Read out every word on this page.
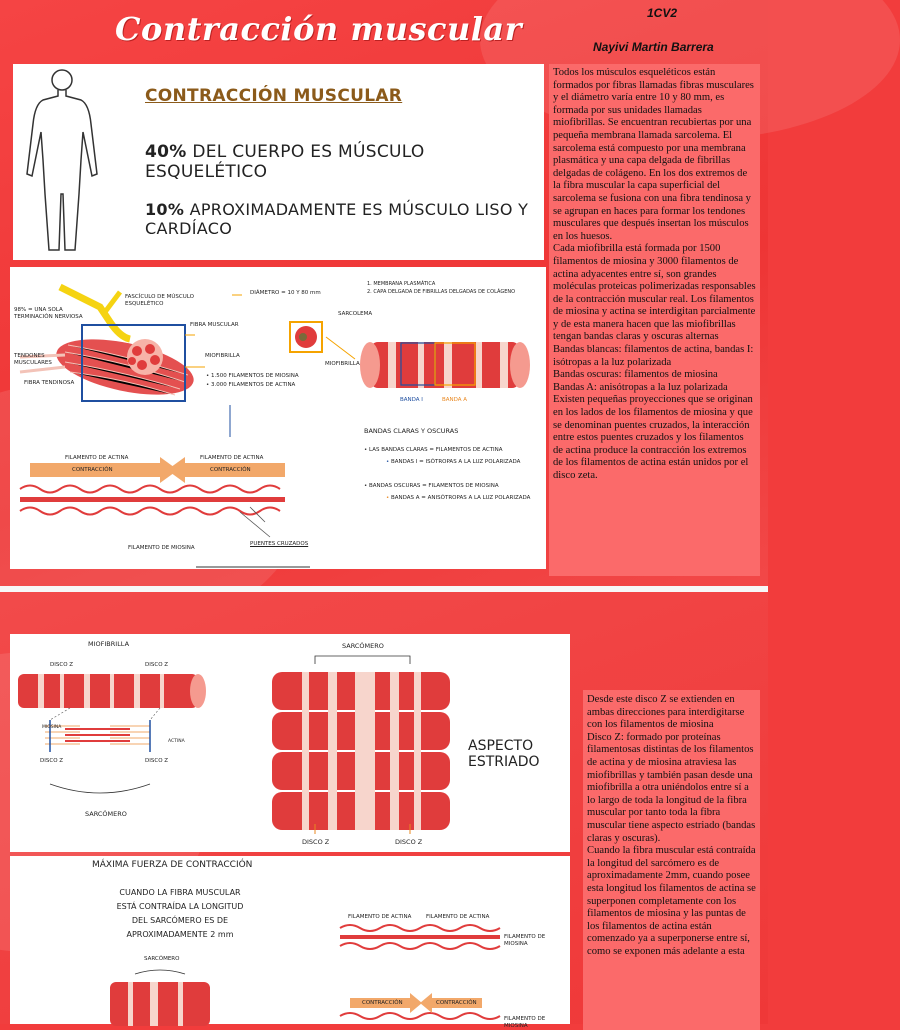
Contracción muscular	1CV2
Nayivi Martin Barrera
CONTRACCIÓN MUSCULAR
40% DEL CUERPO ES MÚSCULO ESQUELÉTICO
10% APROXIMADAMENTE ES MÚSCULO LISO Y CARDÍACO
98% = UNA SOLA TERMINACIÓN NERVIOSA
TENDONES MUSCULARES
FIBRA TENDINOSA
FASCÍCULO DE MÚSCULO ESQUELÉTICO
FIBRA MUSCULAR
DIÁMETRO = 10 Y 80 mm
SARCOLEMA
1. MEMBRANA PLASMÁTICA
2. CAPA DELGADA DE FIBRILLAS DELGADAS DE COLÁGENO
MIOFIBRILLA
• 1.500 FILAMENTOS DE MIOSINA
• 3.000 FILAMENTOS DE ACTINA
MIOFIBRILLA
BANDA I	BANDA A
BANDAS CLARAS Y OSCURAS
• LAS BANDAS CLARAS = FILAMENTOS DE ACTINA
• BANDAS I = ISÓTROPAS A LA LUZ POLARIZADA
• BANDAS OSCURAS = FILAMENTOS DE MIOSINA
• BANDAS A = ANISÓTROPAS A LA LUZ POLARIZADA
FILAMENTO DE ACTINA	FILAMENTO DE ACTINA
CONTRACCIÓN	CONTRACCIÓN
FILAMENTO DE MIOSINA
PUENTES CRUZADOS

Todos los músculos esqueléticos están formados por fibras llamadas fibras musculares y el diámetro varía entre 10 y 80 mm, es formada por sus unidades llamadas miofibrillas. Se encuentran recubiertas por una pequeña membrana llamada sarcolema. El sarcolema está compuesto por una membrana plasmática y una capa delgada de fibrillas delgadas de colágeno. En los dos extremos de la fibra muscular la capa superficial del sarcolema se fusiona con una fibra tendinosa y se agrupan en haces para formar los tendones musculares que después insertan los músculos en los huesos.

Cada miofibrilla está formada por 1500 filamentos de miosina y 3000 filamentos de actina adyacentes entre sí, son grandes moléculas proteicas polimerizadas responsables de la contracción muscular real. Los filamentos de miosina y actina se interdigitan parcialmente y de esta manera hacen que las miofibrillas tengan bandas claras y oscuras alternas

Bandas blancas: filamentos de actina, bandas I: isótropas a la luz polarizada

Bandas oscuras: filamentos de miosina

Bandas A: anisótropas a la luz polarizada

Existen pequeñas proyecciones que se originan en los lados de los filamentos de miosina y que se denominan puentes cruzados, la interacción entre estos puentes cruzados y los filamentos de actina produce la contracción los extremos de los filamentos de actina están unidos por el disco zeta.

MIOFIBRILLA
DISCO Z	DISCO Z
MIOSINA
ACTINA
DISCO Z	DISCO Z
SARCÓMERO
SARCÓMERO
ASPECTO ESTRIADO
DISCO Z	DISCO Z
MÁXIMA FUERZA DE CONTRACCIÓN
CUANDO LA FIBRA MUSCULAR
ESTÁ CONTRAÍDA LA LONGITUD
DEL SARCÓMERO ES DE
APROXIMADAMENTE 2 mm
SARCÓMERO
FILAMENTO DE ACTINA	FILAMENTO DE ACTINA
FILAMENTO DE MIOSINA
CONTRACCIÓN	CONTRACCIÓN
FILAMENTO DE MIOSINA

Desde este disco Z se extienden en ambas direcciones para interdigitarse con los filamentos de miosina

Disco Z: formado por proteínas filamentosas distintas de los filamentos de actina y de miosina atraviesa las miofibrillas y también pasan desde una miofibrilla a otra uniéndolos entre sí a lo largo de toda la longitud de la fibra muscular por tanto toda la fibra muscular tiene aspecto estriado (bandas claras y oscuras).

Cuando la fibra muscular está contraída la longitud del sarcómero es de aproximadamente 2mm, cuando posee esta longitud los filamentos de actina se superponen completamente con los filamentos de miosina y las puntas de los filamentos de actina están comenzado ya a superponerse entre sí, como se exponen más adelante a esta
